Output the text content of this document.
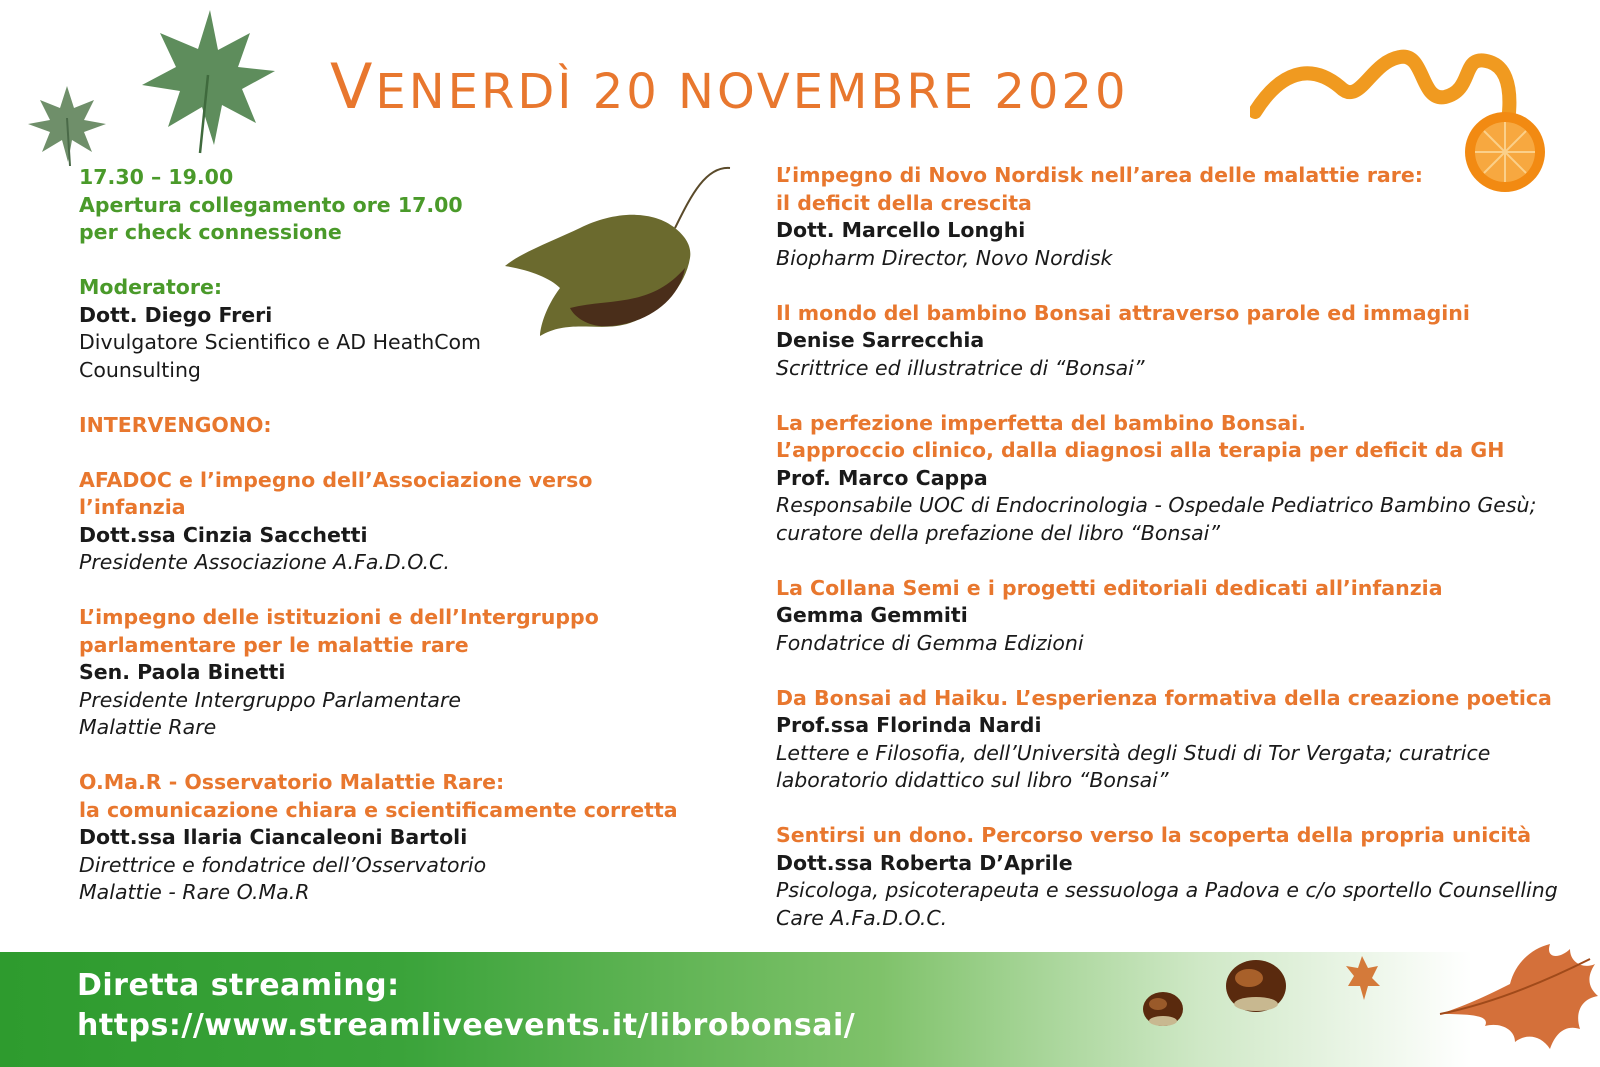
VENERDÌ 20 NOVEMBRE 2020
17.30 – 19.00
Apertura collegamento ore 17.00
per check connessione
Moderatore:
Dott. Diego Freri
Divulgatore Scientifico e AD HeathCom
Counsulting
INTERVENGONO:
AFADOC e l’impegno dell’Associazione verso
l’infanzia
Dott.ssa Cinzia Sacchetti
Presidente Associazione A.Fa.D.O.C.
L’impegno delle istituzioni e dell’Intergruppo
parlamentare per le malattie rare
Sen. Paola Binetti
Presidente Intergruppo Parlamentare
Malattie Rare
O.Ma.R - Osservatorio Malattie Rare:
la comunicazione chiara e scientificamente corretta
Dott.ssa Ilaria Ciancaleoni Bartoli
Direttrice e fondatrice dell’Osservatorio
Malattie - Rare O.Ma.R
L’impegno di Novo Nordisk nell’area delle malattie rare:
il deficit della crescita
Dott. Marcello Longhi
Biopharm Director, Novo Nordisk
Il mondo del bambino Bonsai attraverso parole ed immagini
Denise Sarrecchia
Scrittrice ed illustratrice di “Bonsai”
La perfezione imperfetta del bambino Bonsai.
L’approccio clinico, dalla diagnosi alla terapia per deficit da GH
Prof. Marco Cappa
Responsabile UOC di Endocrinologia - Ospedale Pediatrico Bambino Gesù;
curatore della prefazione del libro “Bonsai”
La Collana Semi e i progetti editoriali dedicati all’infanzia
Gemma Gemmiti
Fondatrice di Gemma Edizioni
Da Bonsai ad Haiku. L’esperienza formativa della creazione poetica
Prof.ssa Florinda Nardi
Lettere e Filosofia, dell’Università degli Studi di Tor Vergata; curatrice
laboratorio didattico sul libro “Bonsai”
Sentirsi un dono. Percorso verso la scoperta della propria unicità
Dott.ssa Roberta D’Aprile
Psicologa, psicoterapeuta e sessuologa a Padova e c/o sportello Counselling
Care A.Fa.D.O.C.
Diretta streaming:
https://www.streamliveevents.it/librobonsai/
